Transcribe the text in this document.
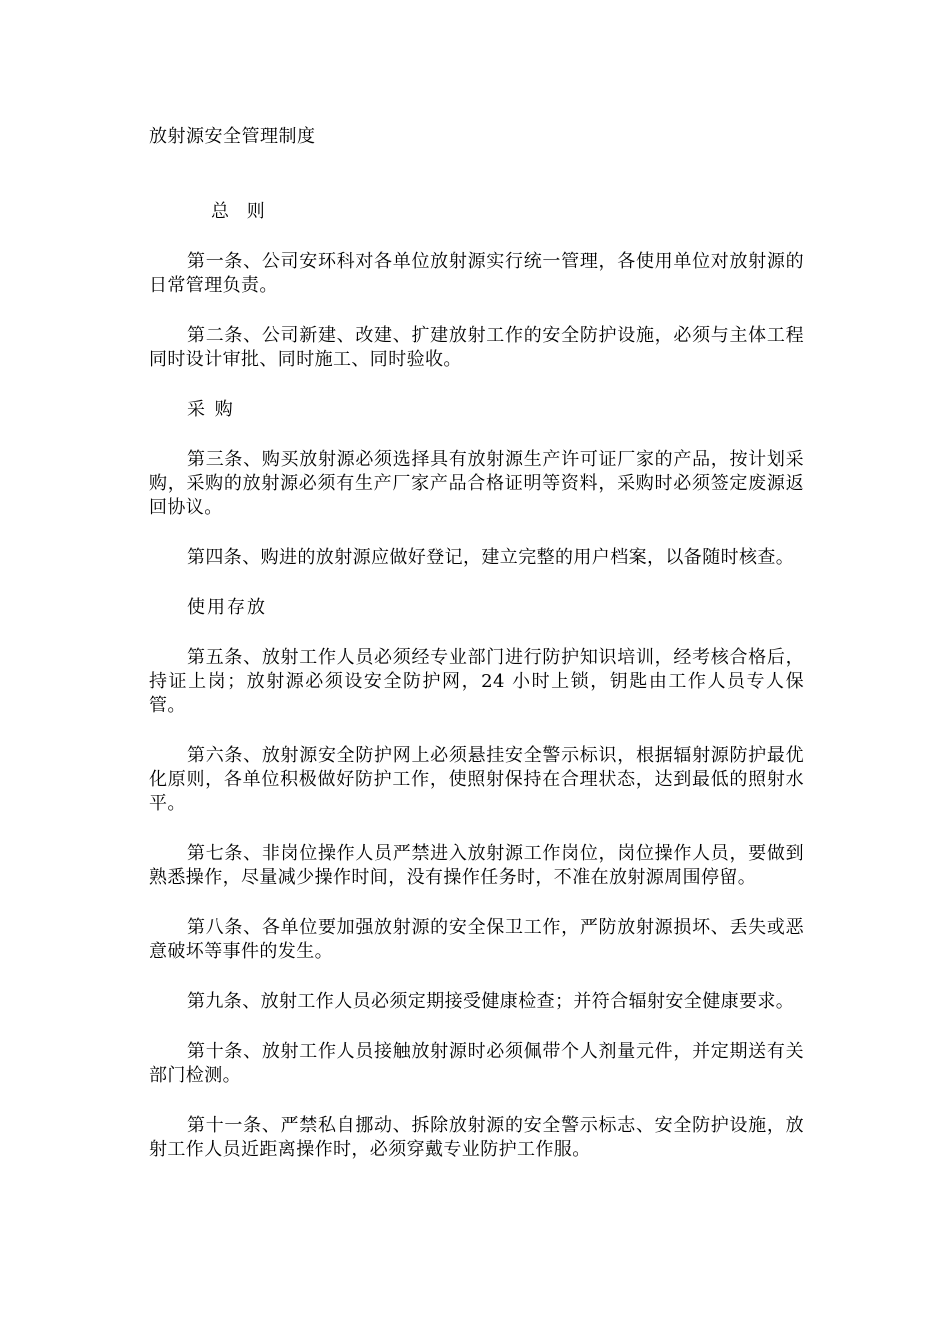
放射源安全管理制度
总 则

第一条、公司安环科对各单位放射源实行统一管理，各使用单位对放射源的日常管理负责。

第二条、公司新建、改建、扩建放射工作的安全防护设施，必须与主体工程同时设计审批、同时施工、同时验收。

采 购

第三条、购买放射源必须选择具有放射源生产许可证厂家的产品，按计划采购，采购的放射源必须有生产厂家产品合格证明等资料，采购时必须签定废源返回协议。

第四条、购进的放射源应做好登记，建立完整的用户档案，以备随时核查。

使用存放

第五条、放射工作人员必须经专业部门进行防护知识培训，经考核合格后，持证上岗；放射源必须设安全防护网，24 小时上锁，钥匙由工作人员专人保管。

第六条、放射源安全防护网上必须悬挂安全警示标识，根据辐射源防护最优化原则，各单位积极做好防护工作，使照射保持在合理状态，达到最低的照射水平。

第七条、非岗位操作人员严禁进入放射源工作岗位，岗位操作人员，要做到熟悉操作，尽量减少操作时间，没有操作任务时，不准在放射源周围停留。

第八条、各单位要加强放射源的安全保卫工作，严防放射源损坏、丢失或恶意破坏等事件的发生。

第九条、放射工作人员必须定期接受健康检查；并符合辐射安全健康要求。

第十条、放射工作人员接触放射源时必须佩带个人剂量元件，并定期送有关部门检测。

第十一条、严禁私自挪动、拆除放射源的安全警示标志、安全防护设施，放射工作人员近距离操作时，必须穿戴专业防护工作服。
